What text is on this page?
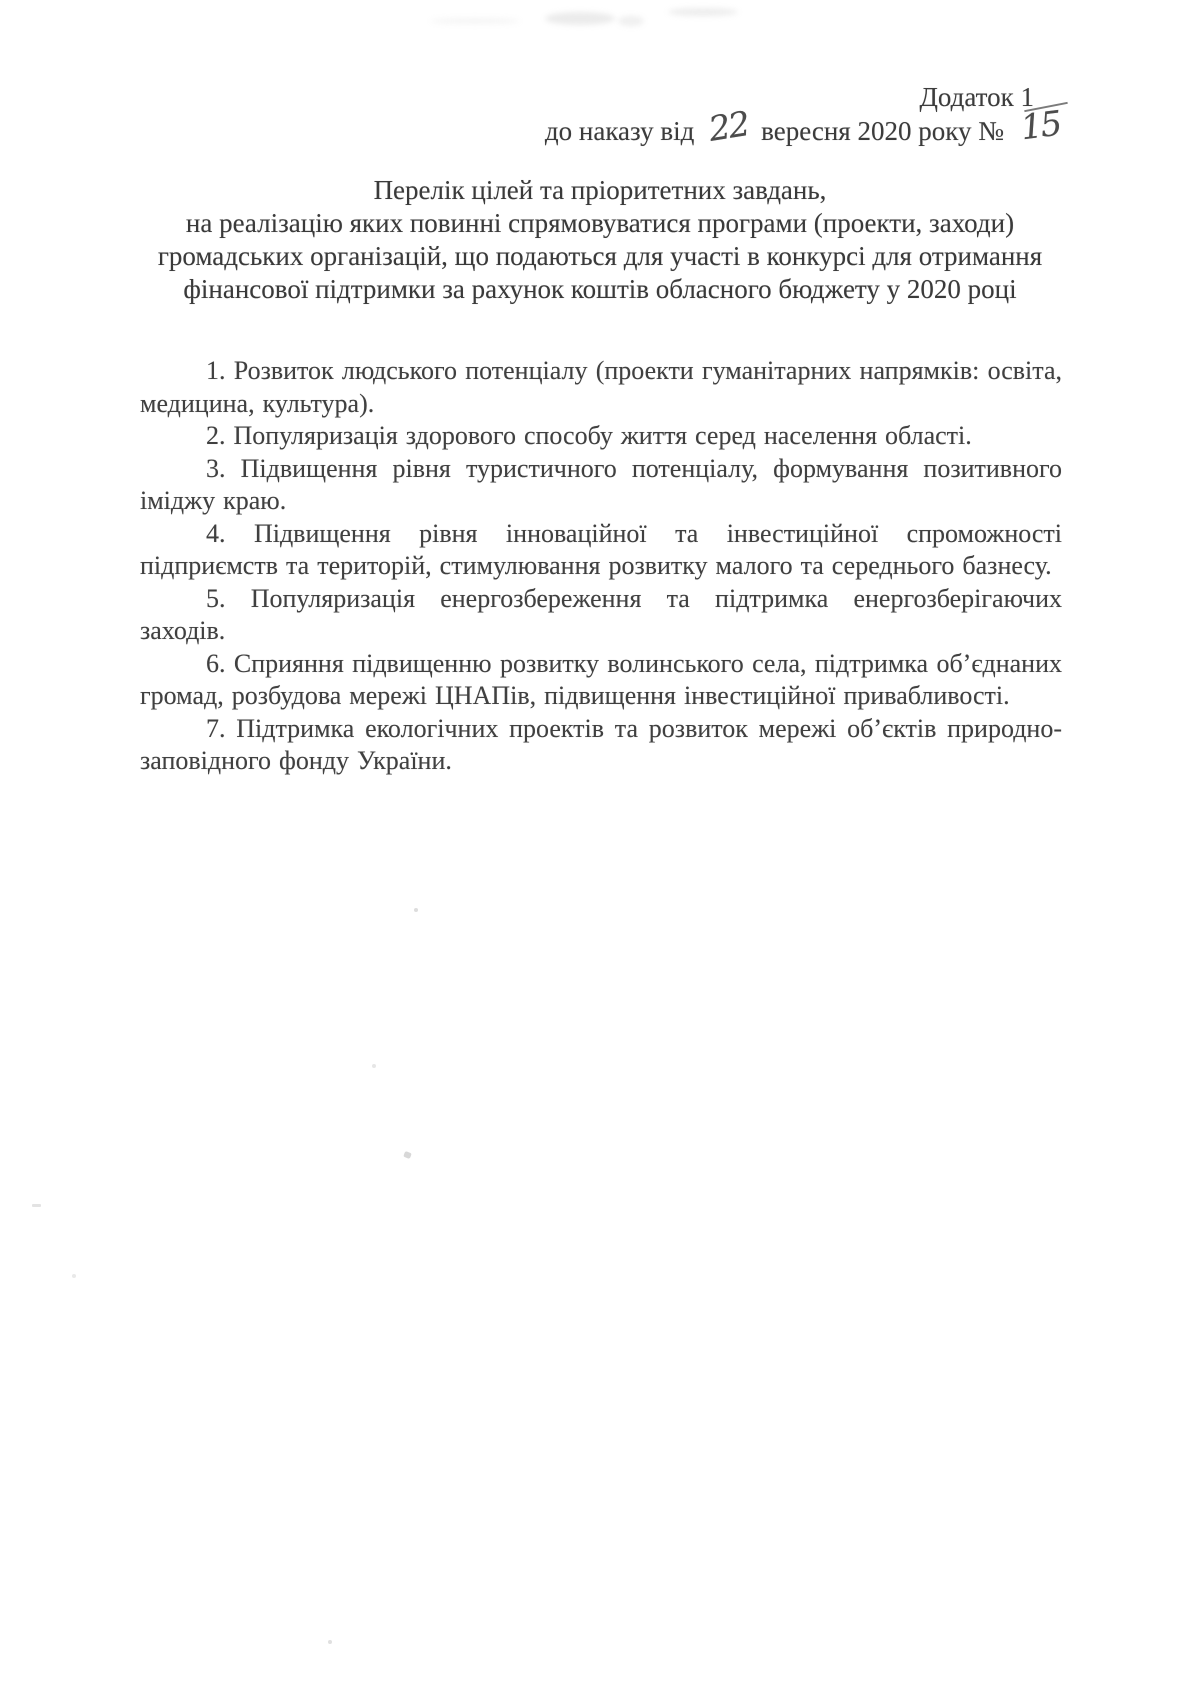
Додаток 1
до наказу від 22 вересня 2020 року № 15
Перелік цілей та пріоритетних завдань,
на реалізацію яких повинні спрямовуватися програми (проекти, заходи)
громадських організацій, що подаються для участі в конкурсі для отримання
фінансової підтримки за рахунок коштів обласного бюджету у 2020 році

1. Розвиток людського потенціалу (проекти гуманітарних напрямків: освіта, медицина, культура).

2. Популяризація здорового способу життя серед населення області.

3. Підвищення рівня туристичного потенціалу, формування позитивного іміджу краю.

4. Підвищення рівня інноваційної та інвестиційної спроможності підприємств та територій, стимулювання розвитку малого та середнього базнесу.

5. Популяризація енергозбереження та підтримка енергозберігаючих заходів.

6. Сприяння підвищенню розвитку волинського села, підтримка об’єднаних громад, розбудова мережі ЦНАПів, підвищення інвестиційної привабливості.

7. Підтримка екологічних проектів та розвиток мережі об’єктів природно-заповідного фонду України.
